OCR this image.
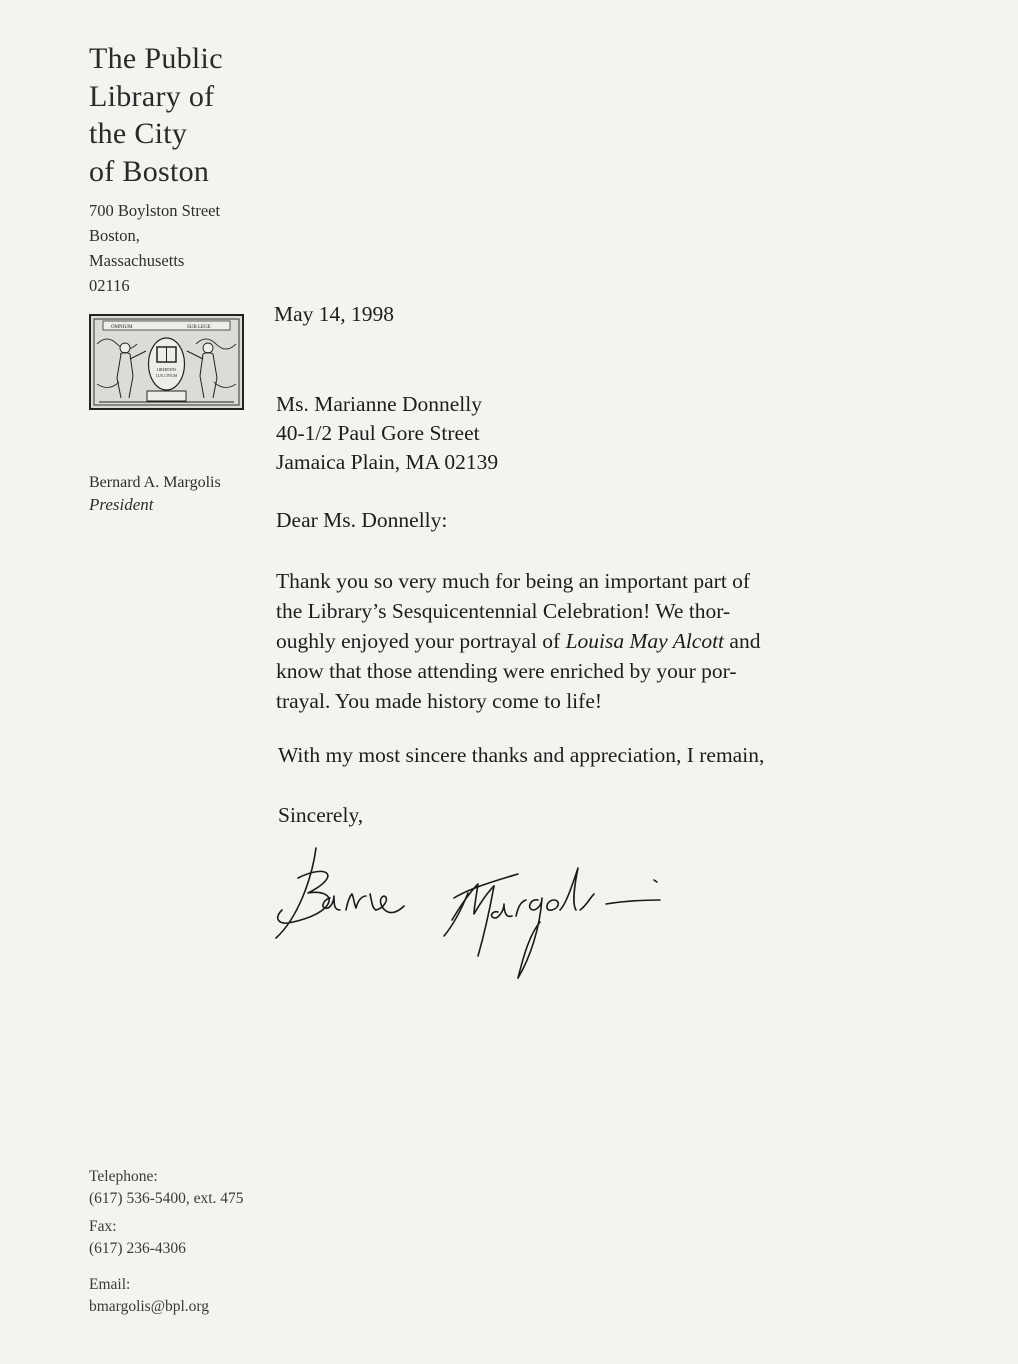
The Public
Library of
the City
of Boston
700 Boylston Street
Boston,
Massachusetts
02116
OMNIUM	SUB LEGE
LIBERTATIS
LUX CIVIUM
Bernard A. Margolis
President
May 14, 1998
Ms. Marianne Donnelly
40-1/2 Paul Gore Street
Jamaica Plain, MA 02139
Dear Ms. Donnelly:
Thank you so very much for being an important part of
the Library’s Sesquicentennial Celebration! We thor-
oughly enjoyed your portrayal of Louisa May Alcott and
know that those attending were enriched by your por-
trayal. You made history come to life!
With my most sincere thanks and appreciation, I remain,
Sincerely,
Telephone:
(617) 536-5400, ext. 475
Fax:
(617) 236-4306
Email:
bmargolis@bpl.org
